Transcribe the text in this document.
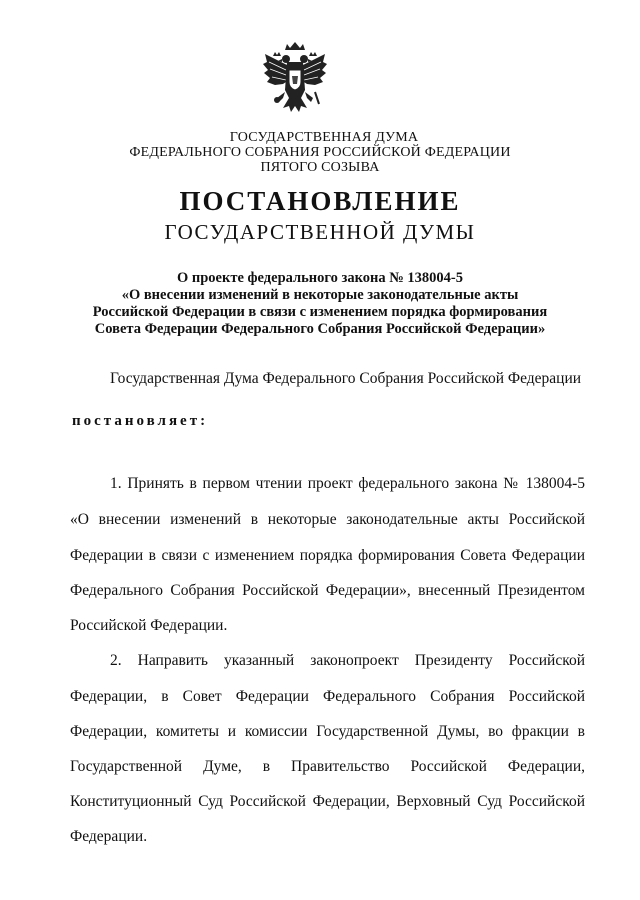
ГОСУДАРСТВЕННАЯ ДУМА
ФЕДЕРАЛЬНОГО СОБРАНИЯ РОССИЙСКОЙ ФЕДЕРАЦИИ
ПЯТОГО СОЗЫВА
ПОСТАНОВЛЕНИЕ
ГОСУДАРСТВЕННОЙ ДУМЫ
О проекте федерального закона № 138004-5
«О внесении изменений в некоторые законодательные акты
Российской Федерации в связи с изменением порядка формирования
Совета Федерации Федерального Собрания Российской Федерации»
Государственная Дума Федерального Собрания Российской Федерации
постановляет:
1. Принять в первом чтении проект федерального закона № 138004-5
«О внесении изменений в некоторые законодательные акты Российской
Федерации в связи с изменением порядка формирования Совета Федерации
Федерального Собрания Российской Федерации», внесенный Президентом
Российской Федерации.
2. Направить указанный законопроект Президенту Российской
Федерации, в Совет Федерации Федерального Собрания Российской
Федерации, комитеты и комиссии Государственной Думы, во фракции в
Государственной Думе, в Правительство Российской Федерации,
Конституционный Суд Российской Федерации, Верховный Суд Российской
Федерации.
